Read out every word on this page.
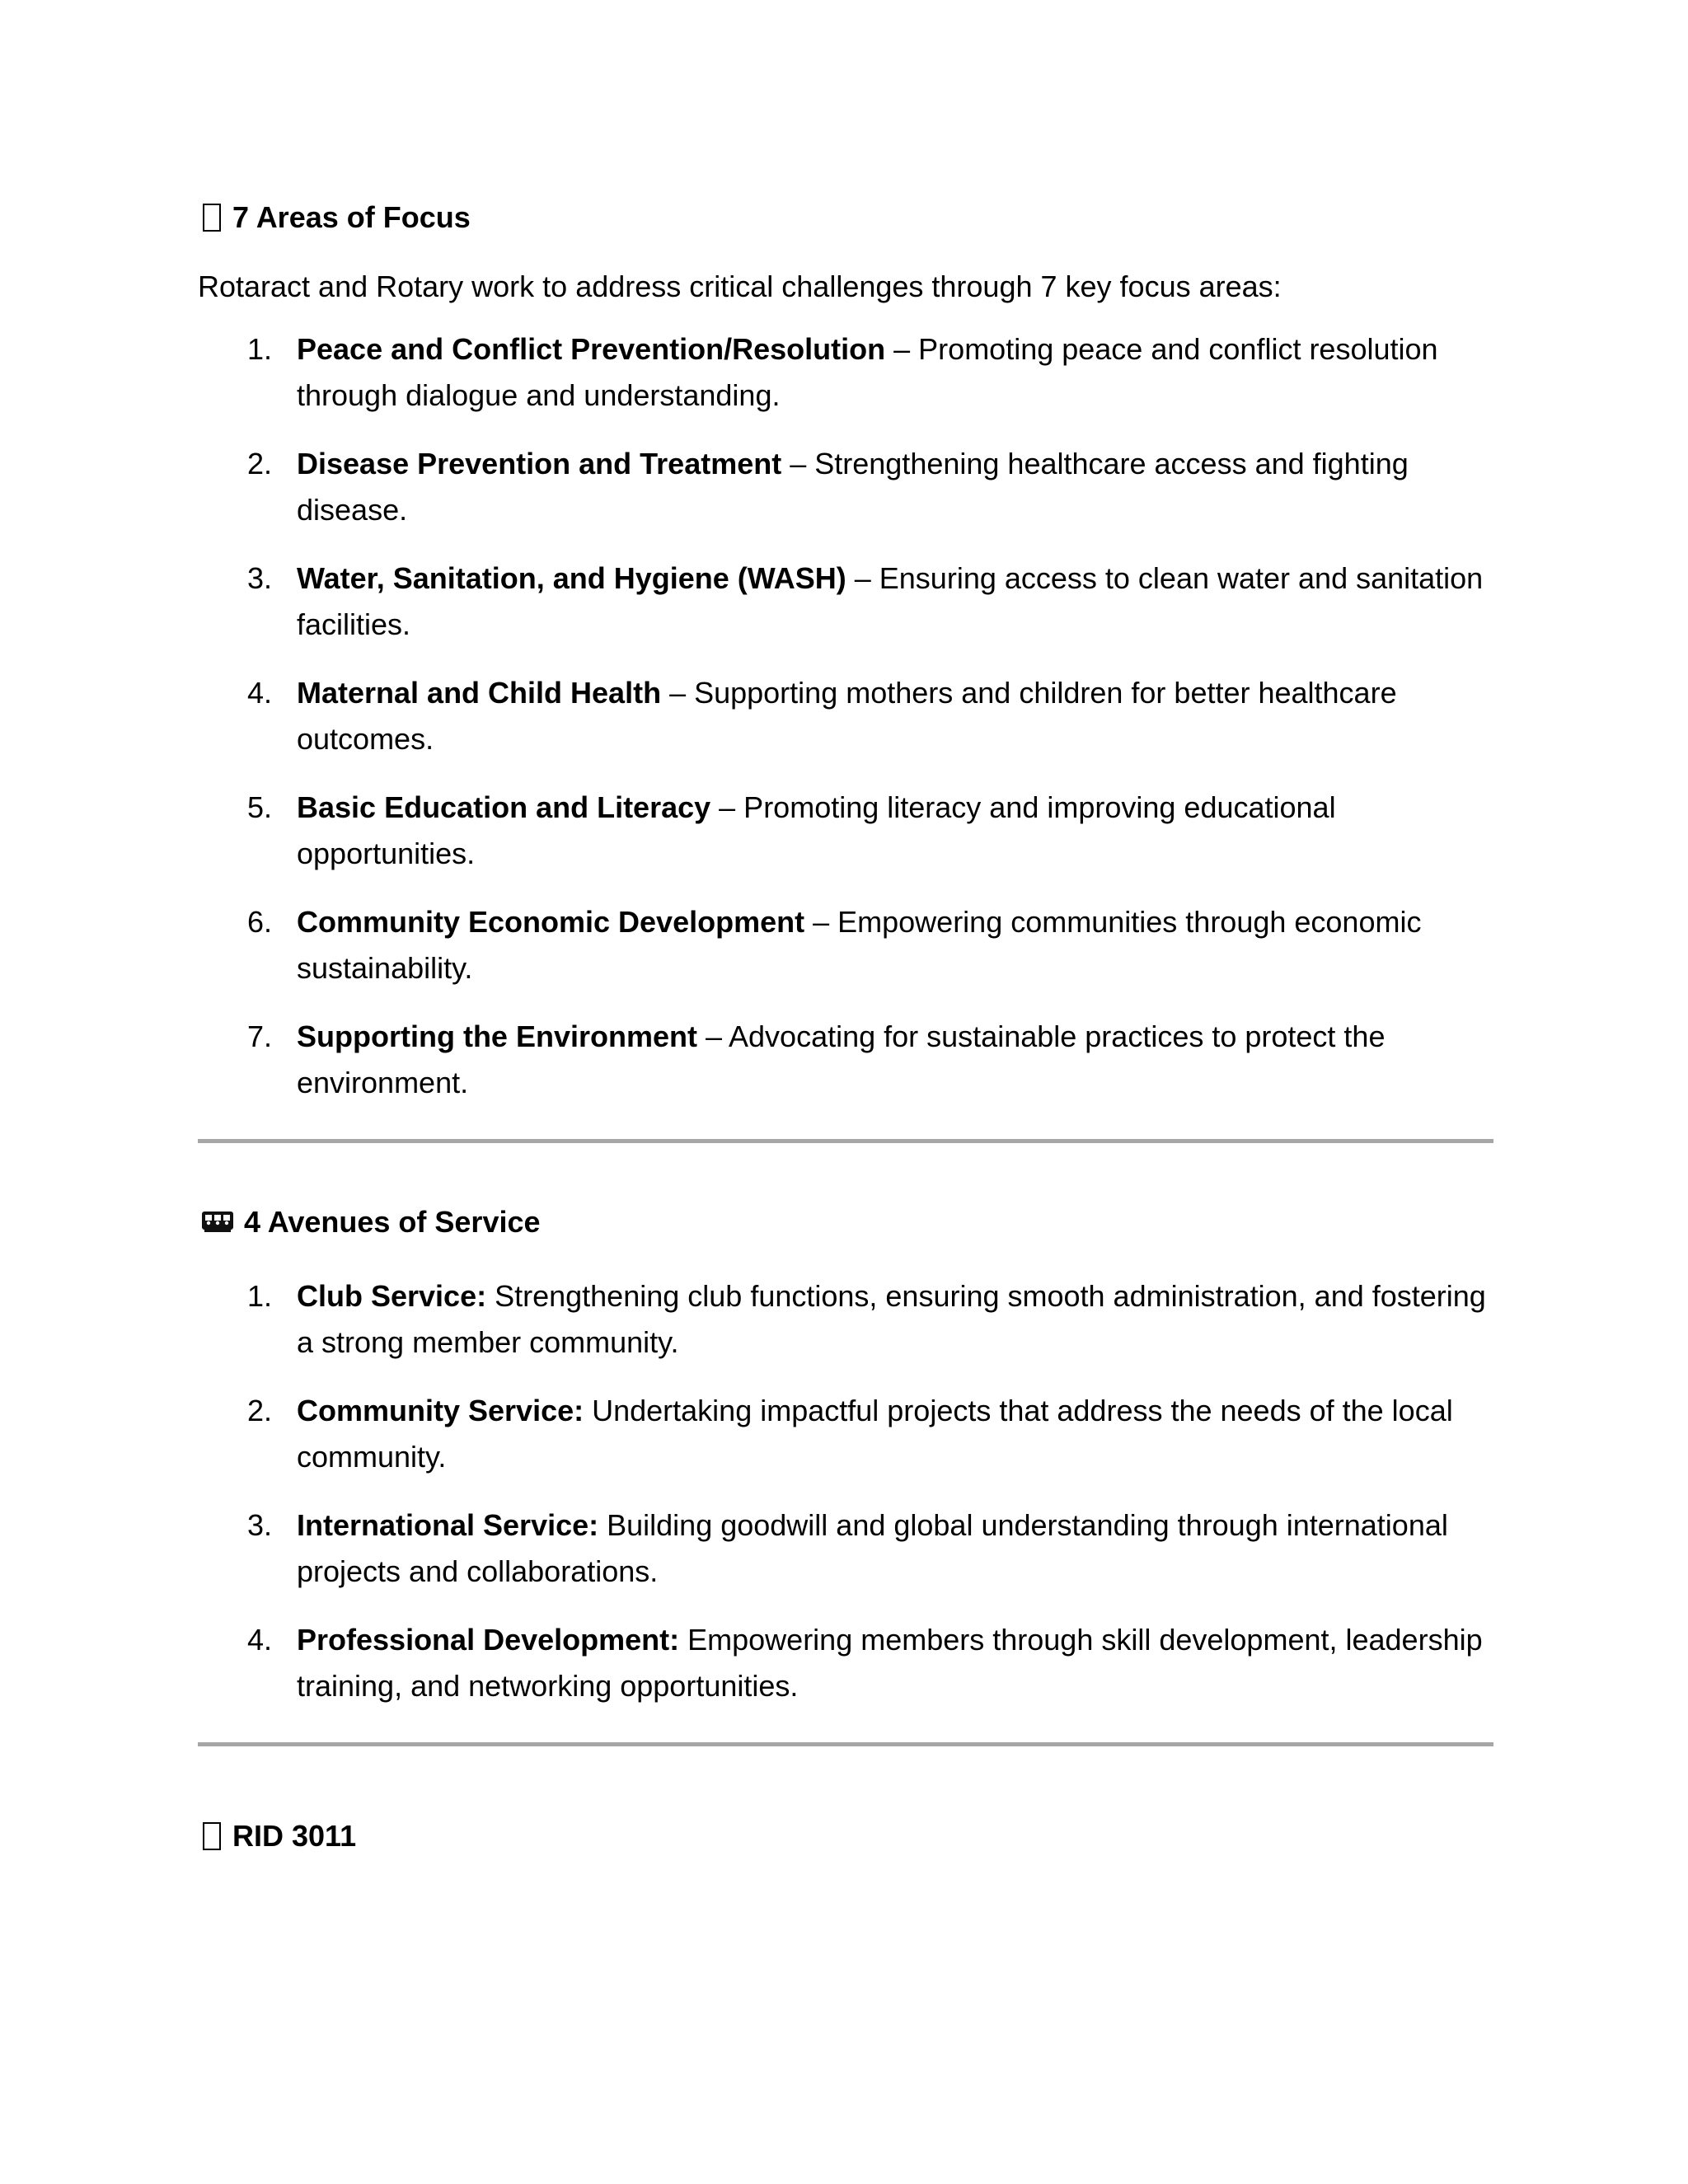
7 Areas of Focus

Rotaract and Rotary work to address critical challenges through 7 key focus areas:

1. Peace and Conflict Prevention/Resolution – Promoting peace and conflict resolution through dialogue and understanding.
2. Disease Prevention and Treatment – Strengthening healthcare access and fighting disease.
3. Water, Sanitation, and Hygiene (WASH) – Ensuring access to clean water and sanitation facilities.
4. Maternal and Child Health – Supporting mothers and children for better healthcare outcomes.
5. Basic Education and Literacy – Promoting literacy and improving educational opportunities.
6. Community Economic Development – Empowering communities through economic sustainability.
7. Supporting the Environment – Advocating for sustainable practices to protect the environment.
4 Avenues of Service
1. Club Service: Strengthening club functions, ensuring smooth administration, and fostering a strong member community.
2. Community Service: Undertaking impactful projects that address the needs of the local community.
3. International Service: Building goodwill and global understanding through international projects and collaborations.
4. Professional Development: Empowering members through skill development, leadership training, and networking opportunities.
RID 3011
